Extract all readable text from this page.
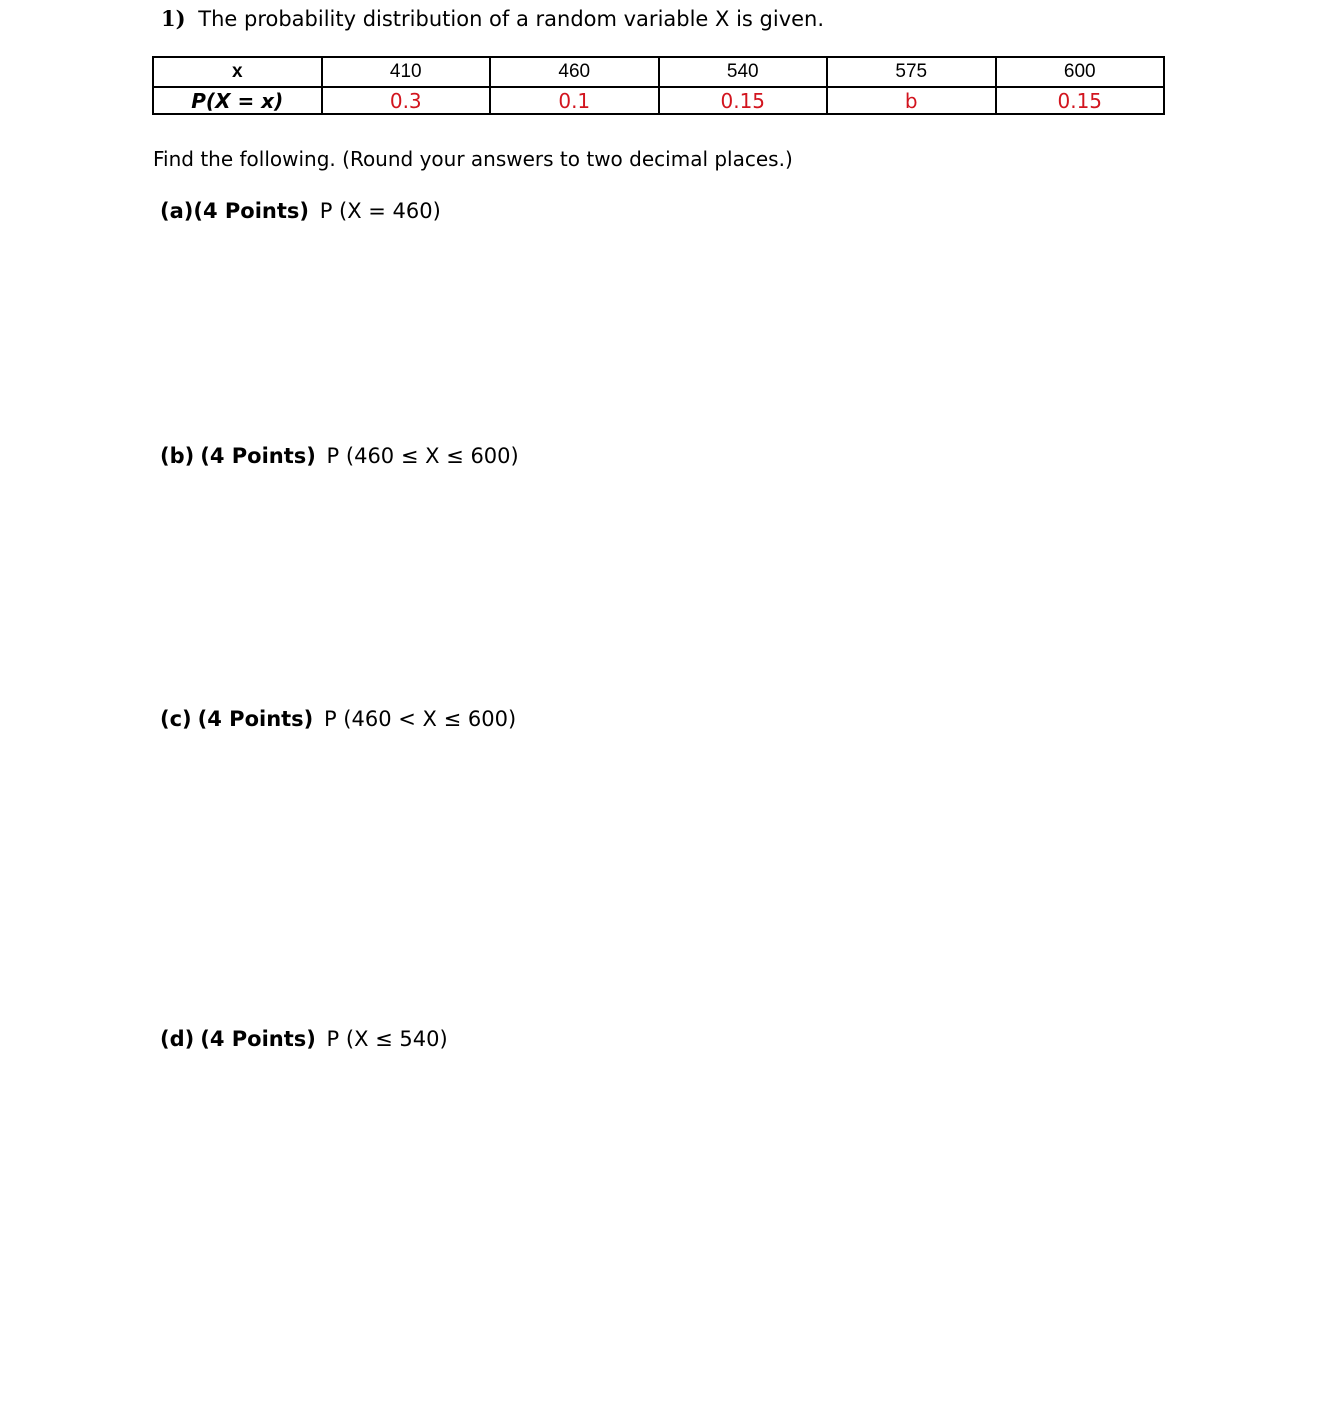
1) The probability distribution of a random variable X is given.
x	410	460	540	575	600
P(X = x)	0.3	0.1	0.15	b	0.15
Find the following. (Round your answers to two decimal places.)
(a)(4 Points) P (X = 460)
(b) (4 Points) P (460 ≤ X ≤ 600)
(c) (4 Points) P (460 < X ≤ 600)
(d) (4 Points) P (X ≤ 540)
